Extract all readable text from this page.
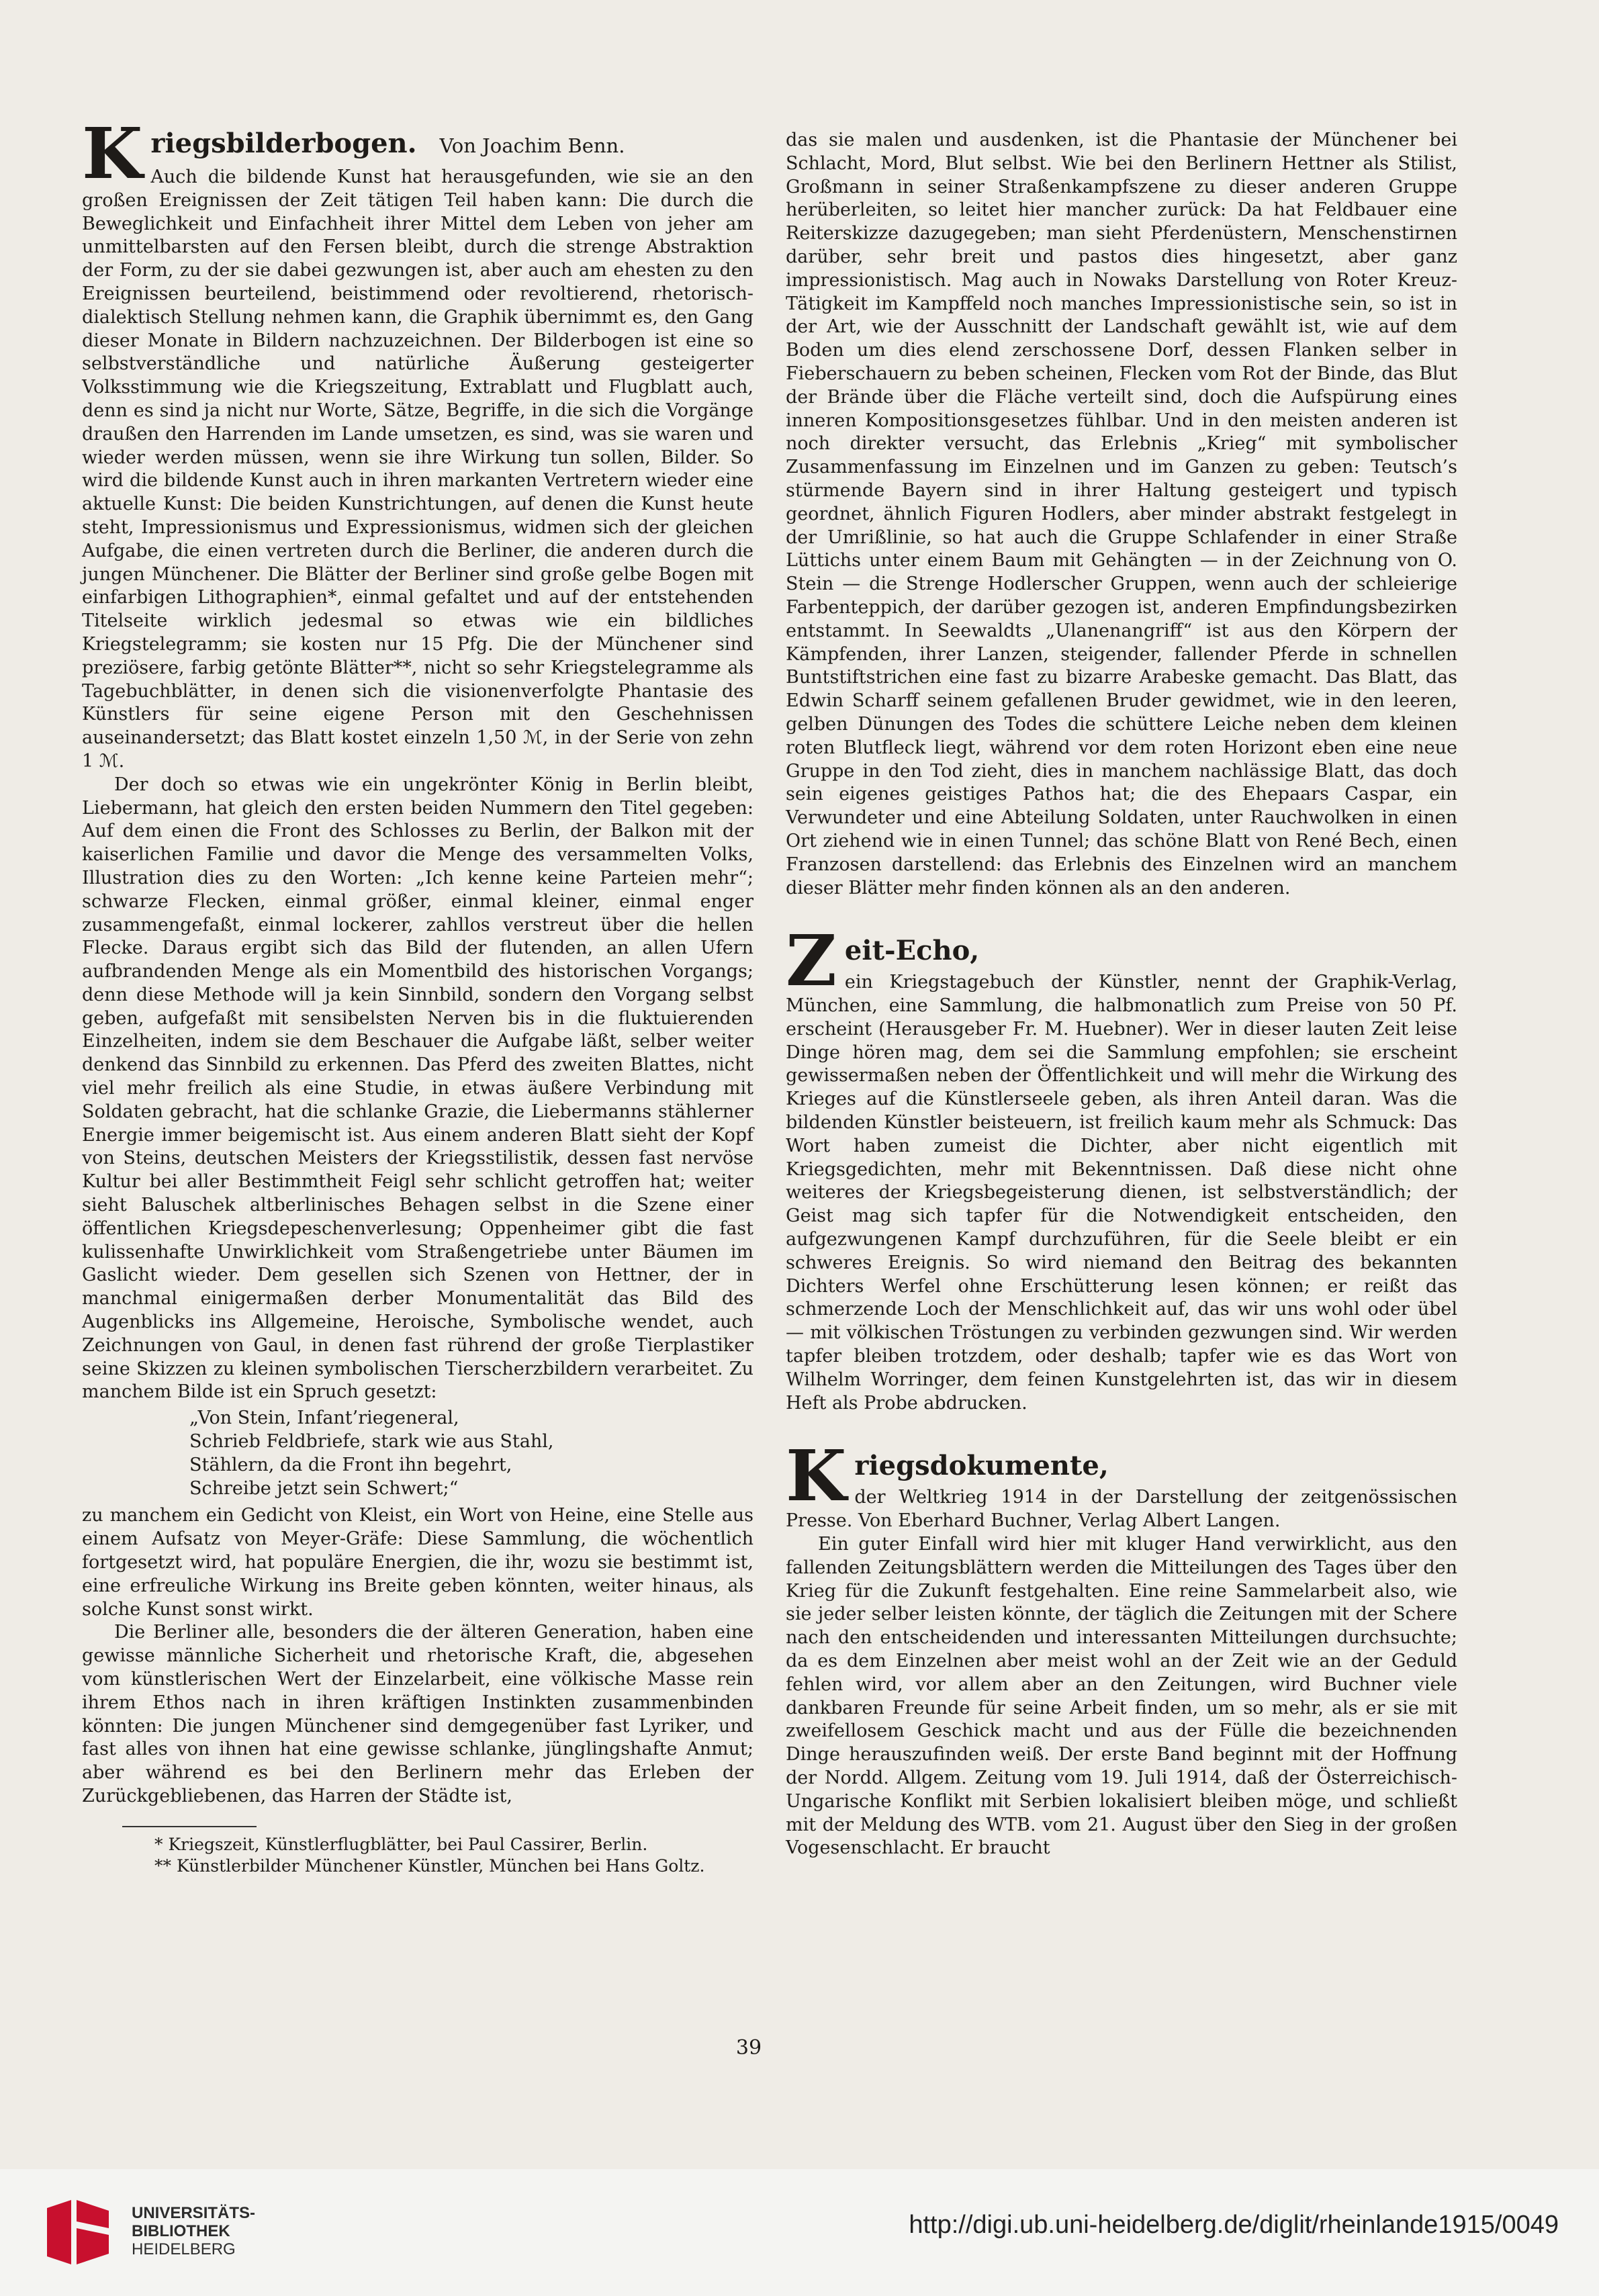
K riegsbilderbogen. Von Joachim Benn.

Auch die bildende Kunst hat herausgefunden, wie sie an den großen Ereignissen der Zeit tätigen Teil haben kann: Die durch die Beweglichkeit und Einfachheit ihrer Mittel dem Leben von jeher am unmittelbarsten auf den Fersen bleibt, durch die strenge Abstraktion der Form, zu der sie dabei gezwungen ist, aber auch am ehesten zu den Ereignissen beurteilend, beistimmend oder revoltierend, rhetorisch-dialektisch Stellung nehmen kann, die Graphik übernimmt es, den Gang dieser Monate in Bildern nachzuzeichnen. Der Bilderbogen ist eine so selbstverständliche und natürliche Äußerung gesteigerter Volksstimmung wie die Kriegszeitung, Extrablatt und Flugblatt auch, denn es sind ja nicht nur Worte, Sätze, Begriffe, in die sich die Vorgänge draußen den Harrenden im Lande umsetzen, es sind, was sie waren und wieder werden müssen, wenn sie ihre Wirkung tun sollen, Bilder. So wird die bildende Kunst auch in ihren markanten Vertretern wieder eine aktuelle Kunst: Die beiden Kunstrichtungen, auf denen die Kunst heute steht, Impressionismus und Expressionismus, widmen sich der gleichen Aufgabe, die einen vertreten durch die Berliner, die anderen durch die jungen Münchener. Die Blätter der Berliner sind große gelbe Bogen mit einfarbigen Lithographien*, einmal gefaltet und auf der entstehenden Titelseite wirklich jedesmal so etwas wie ein bildliches Kriegstelegramm; sie kosten nur 15 Pfg. Die der Münchener sind preziösere, farbig getönte Blätter**, nicht so sehr Kriegstelegramme als Tagebuchblätter, in denen sich die visionenverfolgte Phantasie des Künstlers für seine eigene Person mit den Geschehnissen auseinandersetzt; das Blatt kostet einzeln 1,50 ℳ, in der Serie von zehn 1 ℳ.

Der doch so etwas wie ein ungekrönter König in Berlin bleibt, Liebermann, hat gleich den ersten beiden Nummern den Titel gegeben: Auf dem einen die Front des Schlosses zu Berlin, der Balkon mit der kaiserlichen Familie und davor die Menge des versammelten Volks, Illustration dies zu den Worten: „Ich kenne keine Parteien mehr“; schwarze Flecken, einmal größer, einmal kleiner, einmal enger zusammengefaßt, einmal lockerer, zahllos verstreut über die hellen Flecke. Daraus ergibt sich das Bild der flutenden, an allen Ufern aufbrandenden Menge als ein Momentbild des historischen Vorgangs; denn diese Methode will ja kein Sinnbild, sondern den Vorgang selbst geben, aufgefaßt mit sensibelsten Nerven bis in die fluktuierenden Einzelheiten, indem sie dem Beschauer die Aufgabe läßt, selber weiter denkend das Sinnbild zu erkennen. Das Pferd des zweiten Blattes, nicht viel mehr freilich als eine Studie, in etwas äußere Verbindung mit Soldaten gebracht, hat die schlanke Grazie, die Liebermanns stählerner Energie immer beigemischt ist. Aus einem anderen Blatt sieht der Kopf von Steins, deutschen Meisters der Kriegsstilistik, dessen fast nervöse Kultur bei aller Bestimmtheit Feigl sehr schlicht getroffen hat; weiter sieht Baluschek altberlinisches Behagen selbst in die Szene einer öffentlichen Kriegsdepeschenverlesung; Oppenheimer gibt die fast kulissenhafte Unwirklichkeit vom Straßengetriebe unter Bäumen im Gaslicht wieder. Dem gesellen sich Szenen von Hettner, der in manchmal einigermaßen derber Monumentalität das Bild des Augenblicks ins Allgemeine, Heroische, Symbolische wendet, auch Zeichnungen von Gaul, in denen fast rührend der große Tierplastiker seine Skizzen zu kleinen symbolischen Tierscherzbildern verarbeitet. Zu manchem Bilde ist ein Spruch gesetzt:

„Von Stein, Infant’riegeneral,
Schrieb Feldbriefe, stark wie aus Stahl,
Stählern, da die Front ihn begehrt,
Schreibe jetzt sein Schwert;“

zu manchem ein Gedicht von Kleist, ein Wort von Heine, eine Stelle aus einem Aufsatz von Meyer-Gräfe: Diese Sammlung, die wöchentlich fortgesetzt wird, hat populäre Energien, die ihr, wozu sie bestimmt ist, eine erfreuliche Wirkung ins Breite geben könnten, weiter hinaus, als solche Kunst sonst wirkt.

Die Berliner alle, besonders die der älteren Generation, haben eine gewisse männliche Sicherheit und rhetorische Kraft, die, abgesehen vom künstlerischen Wert der Einzelarbeit, eine völkische Masse rein ihrem Ethos nach in ihren kräftigen Instinkten zusammenbinden könnten: Die jungen Münchener sind demgegenüber fast Lyriker, und fast alles von ihnen hat eine gewisse schlanke, jünglingshafte Anmut; aber während es bei den Berlinern mehr das Erleben der Zurückgebliebenen, das Harren der Städte ist,

* Kriegszeit, Künstlerflugblätter, bei Paul Cassirer, Berlin.

** Künstlerbilder Münchener Künstler, München bei Hans Goltz.

das sie malen und ausdenken, ist die Phantasie der Münchener bei Schlacht, Mord, Blut selbst. Wie bei den Berlinern Hettner als Stilist, Großmann in seiner Straßenkampfszene zu dieser anderen Gruppe herüberleiten, so leitet hier mancher zurück: Da hat Feldbauer eine Reiterskizze dazugegeben; man sieht Pferdenüstern, Menschenstirnen darüber, sehr breit und pastos dies hingesetzt, aber ganz impressionistisch. Mag auch in Nowaks Darstellung von Roter Kreuz-Tätigkeit im Kampffeld noch manches Impressionistische sein, so ist in der Art, wie der Ausschnitt der Landschaft gewählt ist, wie auf dem Boden um dies elend zerschossene Dorf, dessen Flanken selber in Fieberschauern zu beben scheinen, Flecken vom Rot der Binde, das Blut der Brände über die Fläche verteilt sind, doch die Aufspürung eines inneren Kompositionsgesetzes fühlbar. Und in den meisten anderen ist noch direkter versucht, das Erlebnis „Krieg“ mit symbolischer Zusammenfassung im Einzelnen und im Ganzen zu geben: Teutsch’s stürmende Bayern sind in ihrer Haltung gesteigert und typisch geordnet, ähnlich Figuren Hodlers, aber minder abstrakt festgelegt in der Umrißlinie, so hat auch die Gruppe Schlafender in einer Straße Lüttichs unter einem Baum mit Gehängten — in der Zeichnung von O. Stein — die Strenge Hodlerscher Gruppen, wenn auch der schleierige Farbenteppich, der darüber gezogen ist, anderen Empfindungsbezirken entstammt. In Seewaldts „Ulanenangriff“ ist aus den Körpern der Kämpfenden, ihrer Lanzen, steigender, fallender Pferde in schnellen Buntstiftstrichen eine fast zu bizarre Arabeske gemacht. Das Blatt, das Edwin Scharff seinem gefallenen Bruder gewidmet, wie in den leeren, gelben Dünungen des Todes die schüttere Leiche neben dem kleinen roten Blutfleck liegt, während vor dem roten Horizont eben eine neue Gruppe in den Tod zieht, dies in manchem nachlässige Blatt, das doch sein eigenes geistiges Pathos hat; die des Ehepaars Caspar, ein Verwundeter und eine Abteilung Soldaten, unter Rauchwolken in einen Ort ziehend wie in einen Tunnel; das schöne Blatt von René Bech, einen Franzosen darstellend: das Erlebnis des Einzelnen wird an manchem dieser Blätter mehr finden können als an den anderen.

Z eit-Echo,

ein Kriegstagebuch der Künstler, nennt der Graphik-Verlag, München, eine Sammlung, die halbmonatlich zum Preise von 50 Pf. erscheint (Herausgeber Fr. M. Huebner). Wer in dieser lauten Zeit leise Dinge hören mag, dem sei die Sammlung empfohlen; sie erscheint gewissermaßen neben der Öffentlichkeit und will mehr die Wirkung des Krieges auf die Künstlerseele geben, als ihren Anteil daran. Was die bildenden Künstler beisteuern, ist freilich kaum mehr als Schmuck: Das Wort haben zumeist die Dichter, aber nicht eigentlich mit Kriegsgedichten, mehr mit Bekenntnissen. Daß diese nicht ohne weiteres der Kriegsbegeisterung dienen, ist selbstverständlich; der Geist mag sich tapfer für die Notwendigkeit entscheiden, den aufgezwungenen Kampf durchzuführen, für die Seele bleibt er ein schweres Ereignis. So wird niemand den Beitrag des bekannten Dichters Werfel ohne Erschütterung lesen können; er reißt das schmerzende Loch der Menschlichkeit auf, das wir uns wohl oder übel — mit völkischen Tröstungen zu verbinden gezwungen sind. Wir werden tapfer bleiben trotzdem, oder deshalb; tapfer wie es das Wort von Wilhelm Worringer, dem feinen Kunstgelehrten ist, das wir in diesem Heft als Probe abdrucken.

K riegsdokumente,

der Weltkrieg 1914 in der Darstellung der zeitgenössischen Presse. Von Eberhard Buchner, Verlag Albert Langen.

Ein guter Einfall wird hier mit kluger Hand verwirklicht, aus den fallenden Zeitungsblättern werden die Mitteilungen des Tages über den Krieg für die Zukunft festgehalten. Eine reine Sammelarbeit also, wie sie jeder selber leisten könnte, der täglich die Zeitungen mit der Schere nach den entscheidenden und interessanten Mitteilungen durchsuchte; da es dem Einzelnen aber meist wohl an der Zeit wie an der Geduld fehlen wird, vor allem aber an den Zeitungen, wird Buchner viele dankbaren Freunde für seine Arbeit finden, um so mehr, als er sie mit zweifellosem Geschick macht und aus der Fülle die bezeichnenden Dinge herauszufinden weiß. Der erste Band beginnt mit der Hoffnung der Nordd. Allgem. Zeitung vom 19. Juli 1914, daß der Österreichisch-Ungarische Konflikt mit Serbien lokalisiert bleiben möge, und schließt mit der Meldung des WTB. vom 21. August über den Sieg in der großen Vogesenschlacht. Er braucht

39
UNIVERSITÄTS-
BIBLIOTHEK
HEIDELBERG
http://digi.ub.uni-heidelberg.de/diglit/rheinlande1915/0049
